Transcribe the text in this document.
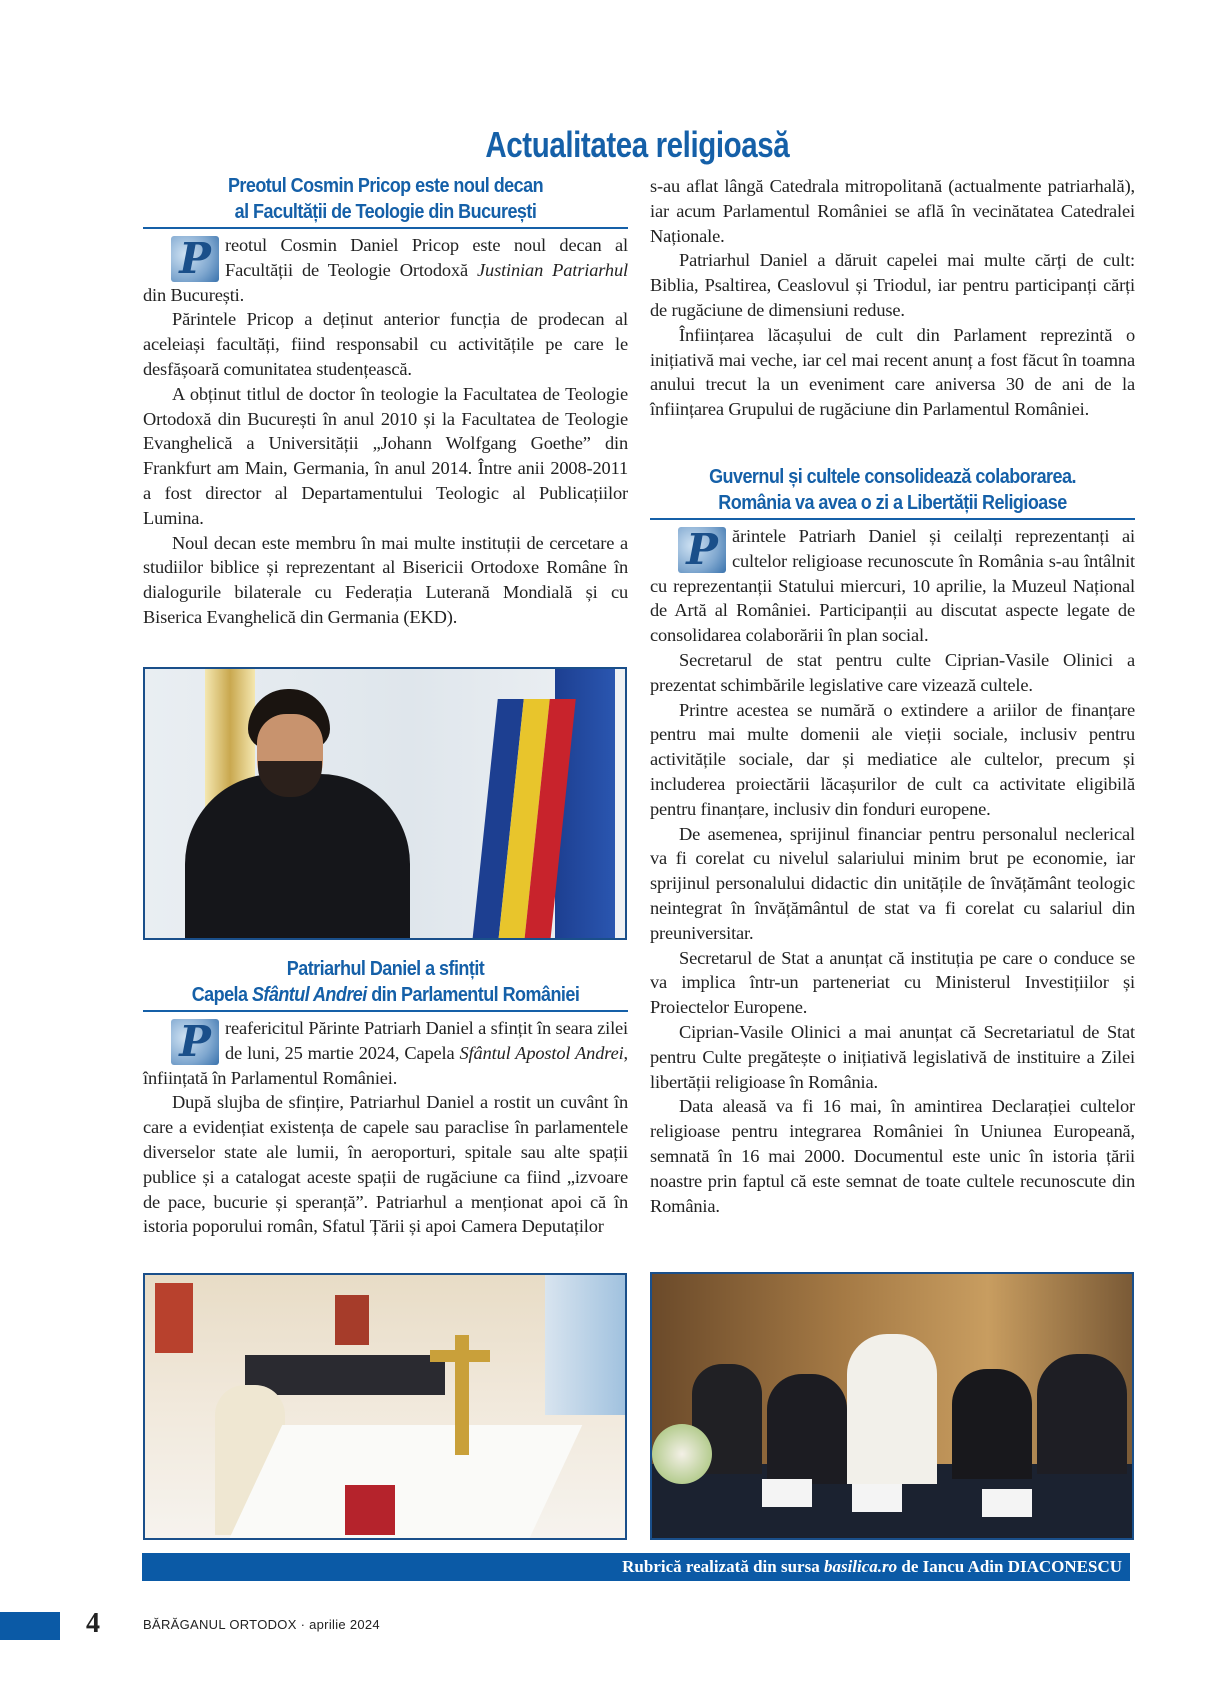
Actualitatea religioasă
Preotul Cosmin Pricop este noul decan
al Facultății de Teologie din București

P reotul Cosmin Daniel Pricop este noul decan al Facultății de Teologie Ortodoxă Justinian Patriarhul din București.

Părintele Pricop a deținut anterior funcția de prodecan al aceleiași facultăți, fiind responsabil cu activitățile pe care le desfășoară comunitatea studențească.

A obținut titlul de doctor în teologie la Facultatea de Teologie Ortodoxă din București în anul 2010 și la Facultatea de Teologie Evanghelică a Universității „Johann Wolfgang Goethe” din Frankfurt am Main, Germania, în anul 2014. Între anii 2008-2011 a fost director al Departamentului Teologic al Publicațiilor Lumina.

Noul decan este membru în mai multe instituții de cercetare a studiilor biblice și reprezentant al Bisericii Ortodoxe Române în dialogurile bilaterale cu Federația Luterană Mondială și cu Biserica Evanghelică din Germania (EKD).

Patriarhul Daniel a sfințit
Capela Sfântul Andrei din Parlamentul României

P reafericitul Părinte Patriarh Daniel a sfințit în seara zilei de luni, 25 martie 2024, Capela Sfântul Apostol Andrei, înființată în Parlamentul României.

După slujba de sfințire, Patriarhul Daniel a rostit un cuvânt în care a evidențiat existența de capele sau paraclise în parlamentele diverselor state ale lumii, în aeroporturi, spitale sau alte spații publice și a catalogat aceste spații de rugăciune ca fiind „izvoare de pace, bucurie și speranță”. Patriarhul a menționat apoi că în istoria poporului român, Sfatul Țării și apoi Camera Deputaților

s-au aflat lângă Catedrala mitropolitană (actualmente patriarhală), iar acum Parlamentul României se află în vecinătatea Catedralei Naționale.

Patriarhul Daniel a dăruit capelei mai multe cărți de cult: Biblia, Psaltirea, Ceaslovul și Triodul, iar pentru participanți cărți de rugăciune de dimensiuni reduse.

Înființarea lăcașului de cult din Parlament reprezintă o inițiativă mai veche, iar cel mai recent anunț a fost făcut în toamna anului trecut la un eveniment care aniversa 30 de ani de la înființarea Grupului de rugăciune din Parlamentul României.

Guvernul și cultele consolidează colaborarea.
România va avea o zi a Libertății Religioase

P ărintele Patriarh Daniel și ceilalți reprezentanți ai cultelor religioase recunoscute în România s-au întâlnit cu reprezentanții Statului miercuri, 10 aprilie, la Muzeul Național de Artă al României. Participanții au discutat aspecte legate de consolidarea colaborării în plan social.

Secretarul de stat pentru culte Ciprian-Vasile Olinici a prezentat schimbările legislative care vizează cultele.

Printre acestea se numără o extindere a ariilor de finanțare pentru mai multe domenii ale vieții sociale, inclusiv pentru activitățile sociale, dar și mediatice ale cultelor, precum și includerea proiectării lăcașurilor de cult ca activitate eligibilă pentru finanțare, inclusiv din fonduri europene.

De asemenea, sprijinul financiar pentru personalul neclerical va fi corelat cu nivelul salariului minim brut pe economie, iar sprijinul personalului didactic din unitățile de învățământ teologic neintegrat în învățământul de stat va fi corelat cu salariul din preuniversitar.

Secretarul de Stat a anunțat că instituția pe care o conduce se va implica într-un parteneriat cu Ministerul Investițiilor și Proiectelor Europene.

Ciprian-Vasile Olinici a mai anunțat că Secretariatul de Stat pentru Culte pregătește o inițiativă legislativă de instituire a Zilei libertății religioase în România.

Data aleasă va fi 16 mai, în amintirea Declarației cultelor religioase pentru integrarea României în Uniunea Europeană, semnată în 16 mai 2000. Documentul este unic în istoria țării noastre prin faptul că este semnat de toate cultele recunoscute din România.

Rubrică realizată din sursa basilica.ro de Iancu Adin DIACONESCU
4	BĂRĂGANUL ORTODOX · aprilie 2024
